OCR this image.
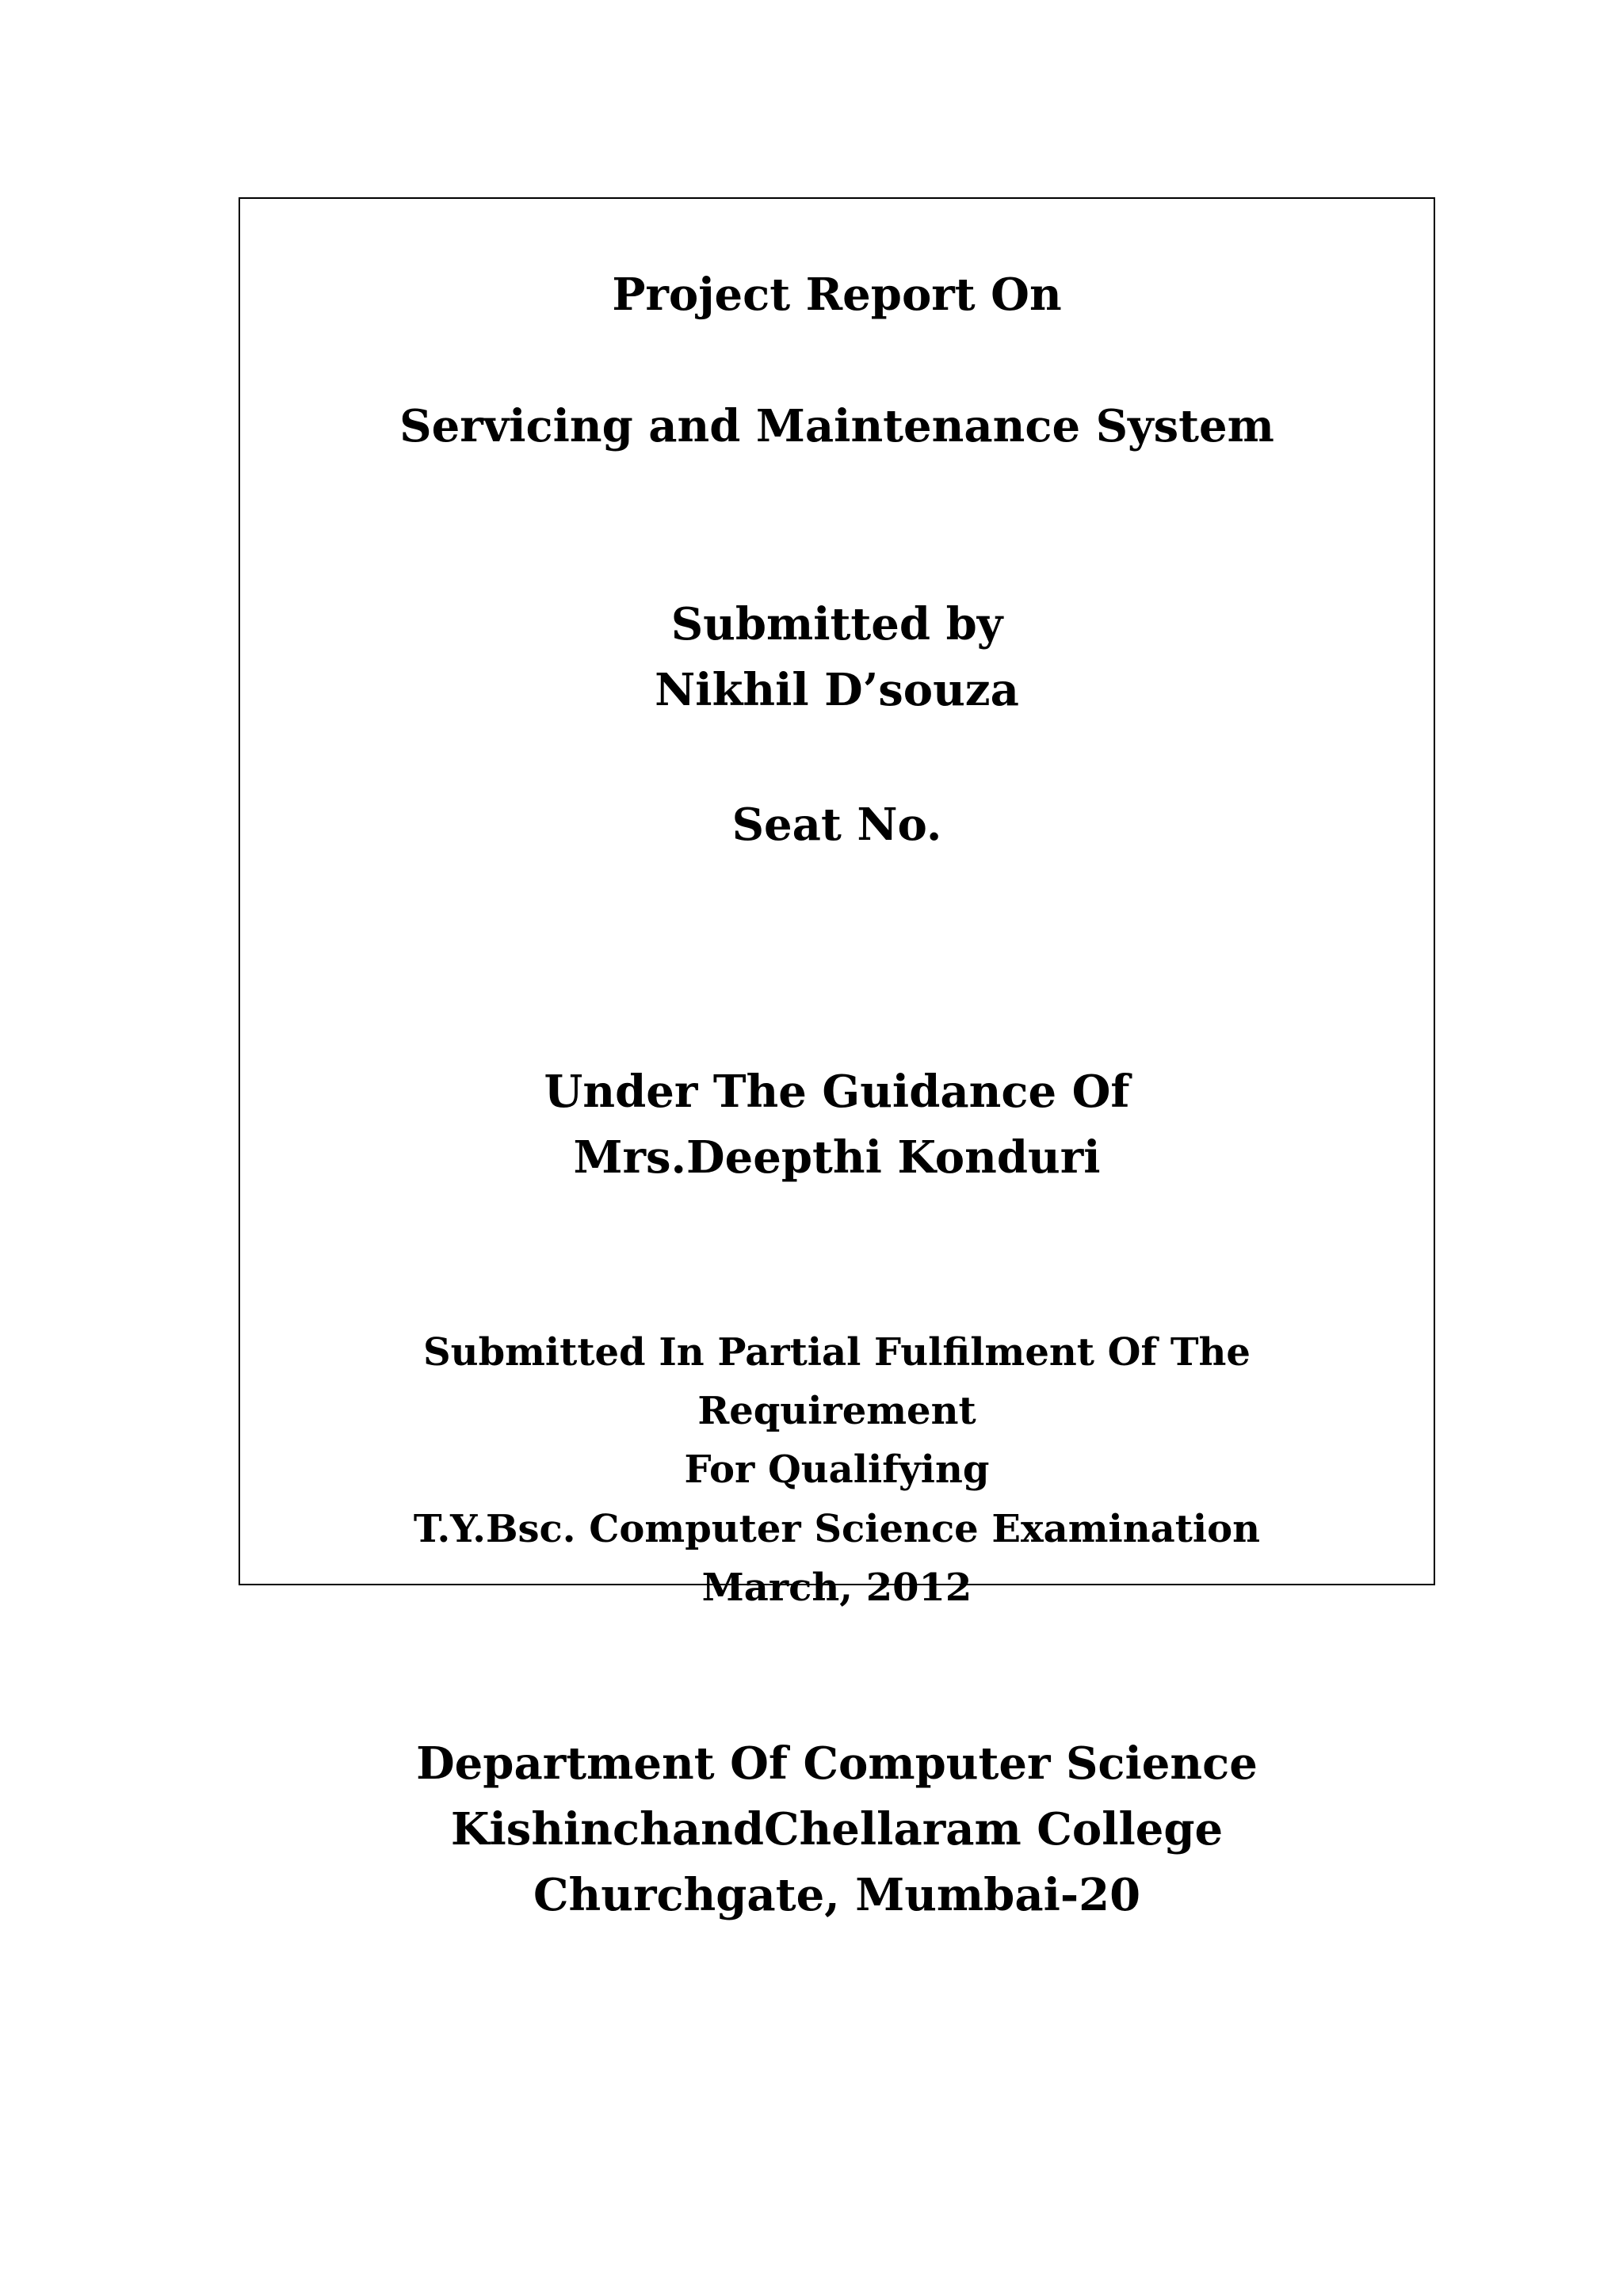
Project Report On
Servicing and Maintenance System
Submitted by
Nikhil D’souza
Seat No.
Under The Guidance Of
Mrs.Deepthi Konduri
Submitted In Partial Fulfilment Of The
Requirement
For Qualifying
T.Y.Bsc. Computer Science Examination
March, 2012
Department Of Computer Science
KishinchandChellaram College
Churchgate, Mumbai-20
